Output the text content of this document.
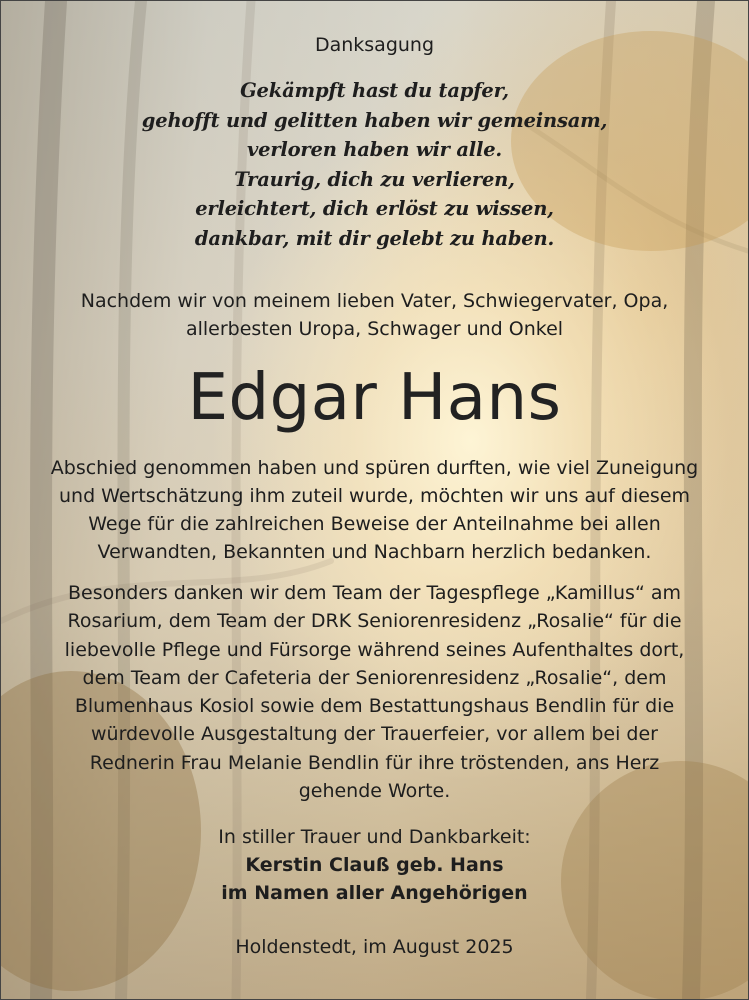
Danksagung

Gekämpft hast du tapfer,

gehofft und gelitten haben wir gemeinsam,

verloren haben wir alle.

Traurig, dich zu verlieren,

erleichtert, dich erlöst zu wissen,

dankbar, mit dir gelebt zu haben.

Nachdem wir von meinem lieben Vater, Schwiegervater, Opa,

allerbesten Uropa, Schwager und Onkel

Edgar Hans

Abschied genommen haben und spüren durften, wie viel Zuneigung

und Wertschätzung ihm zuteil wurde, möchten wir uns auf diesem

Wege für die zahlreichen Beweise der Anteilnahme bei allen

Verwandten, Bekannten und Nachbarn herzlich bedanken.

Besonders danken wir dem Team der Tagespflege „Kamillus“ am

Rosarium, dem Team der DRK Seniorenresidenz „Rosalie“ für die

liebevolle Pflege und Fürsorge während seines Aufenthaltes dort,

dem Team der Cafeteria der Seniorenresidenz „Rosalie“, dem

Blumenhaus Kosiol sowie dem Bestattungshaus Bendlin für die

würdevolle Ausgestaltung der Trauerfeier, vor allem bei der

Rednerin Frau Melanie Bendlin für ihre tröstenden, ans Herz

gehende Worte.

In stiller Trauer und Dankbarkeit:

Kerstin Clauß geb. Hans

im Namen aller Angehörigen

Holdenstedt, im August 2025
